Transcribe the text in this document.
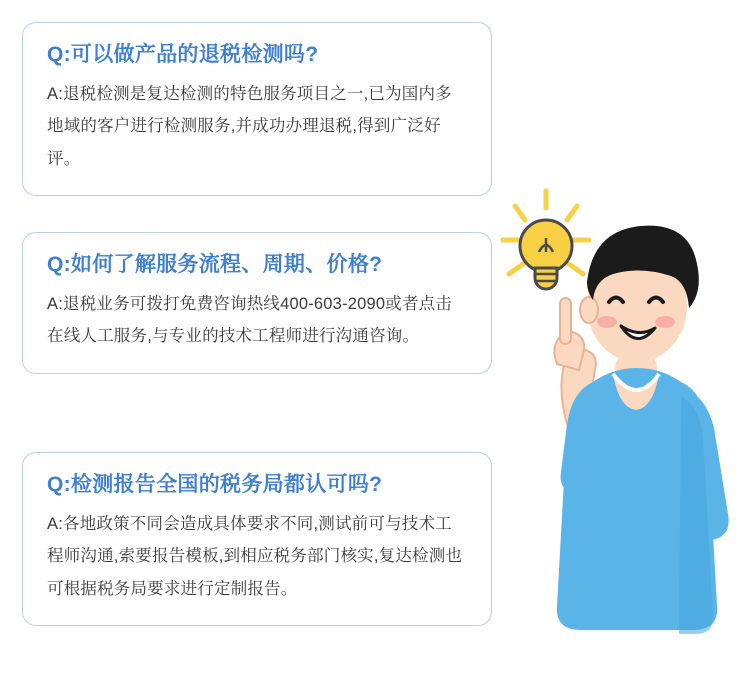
Q:可以做产品的退税检测吗?

A:退税检测是复达检测的特色服务项目之一,已为国内多地域的客户进行检测服务,并成功办理退税,得到广泛好评。

Q:如何了解服务流程、周期、价格?

A:退税业务可拨打免费咨询热线400-603-2090或者点击在线人工服务,与专业的技术工程师进行沟通咨询。

Q:检测报告全国的税务局都认可吗?

A:各地政策不同会造成具体要求不同,测试前可与技术工程师沟通,索要报告模板,到相应税务部门核实,复达检测也可根据税务局要求进行定制报告。
